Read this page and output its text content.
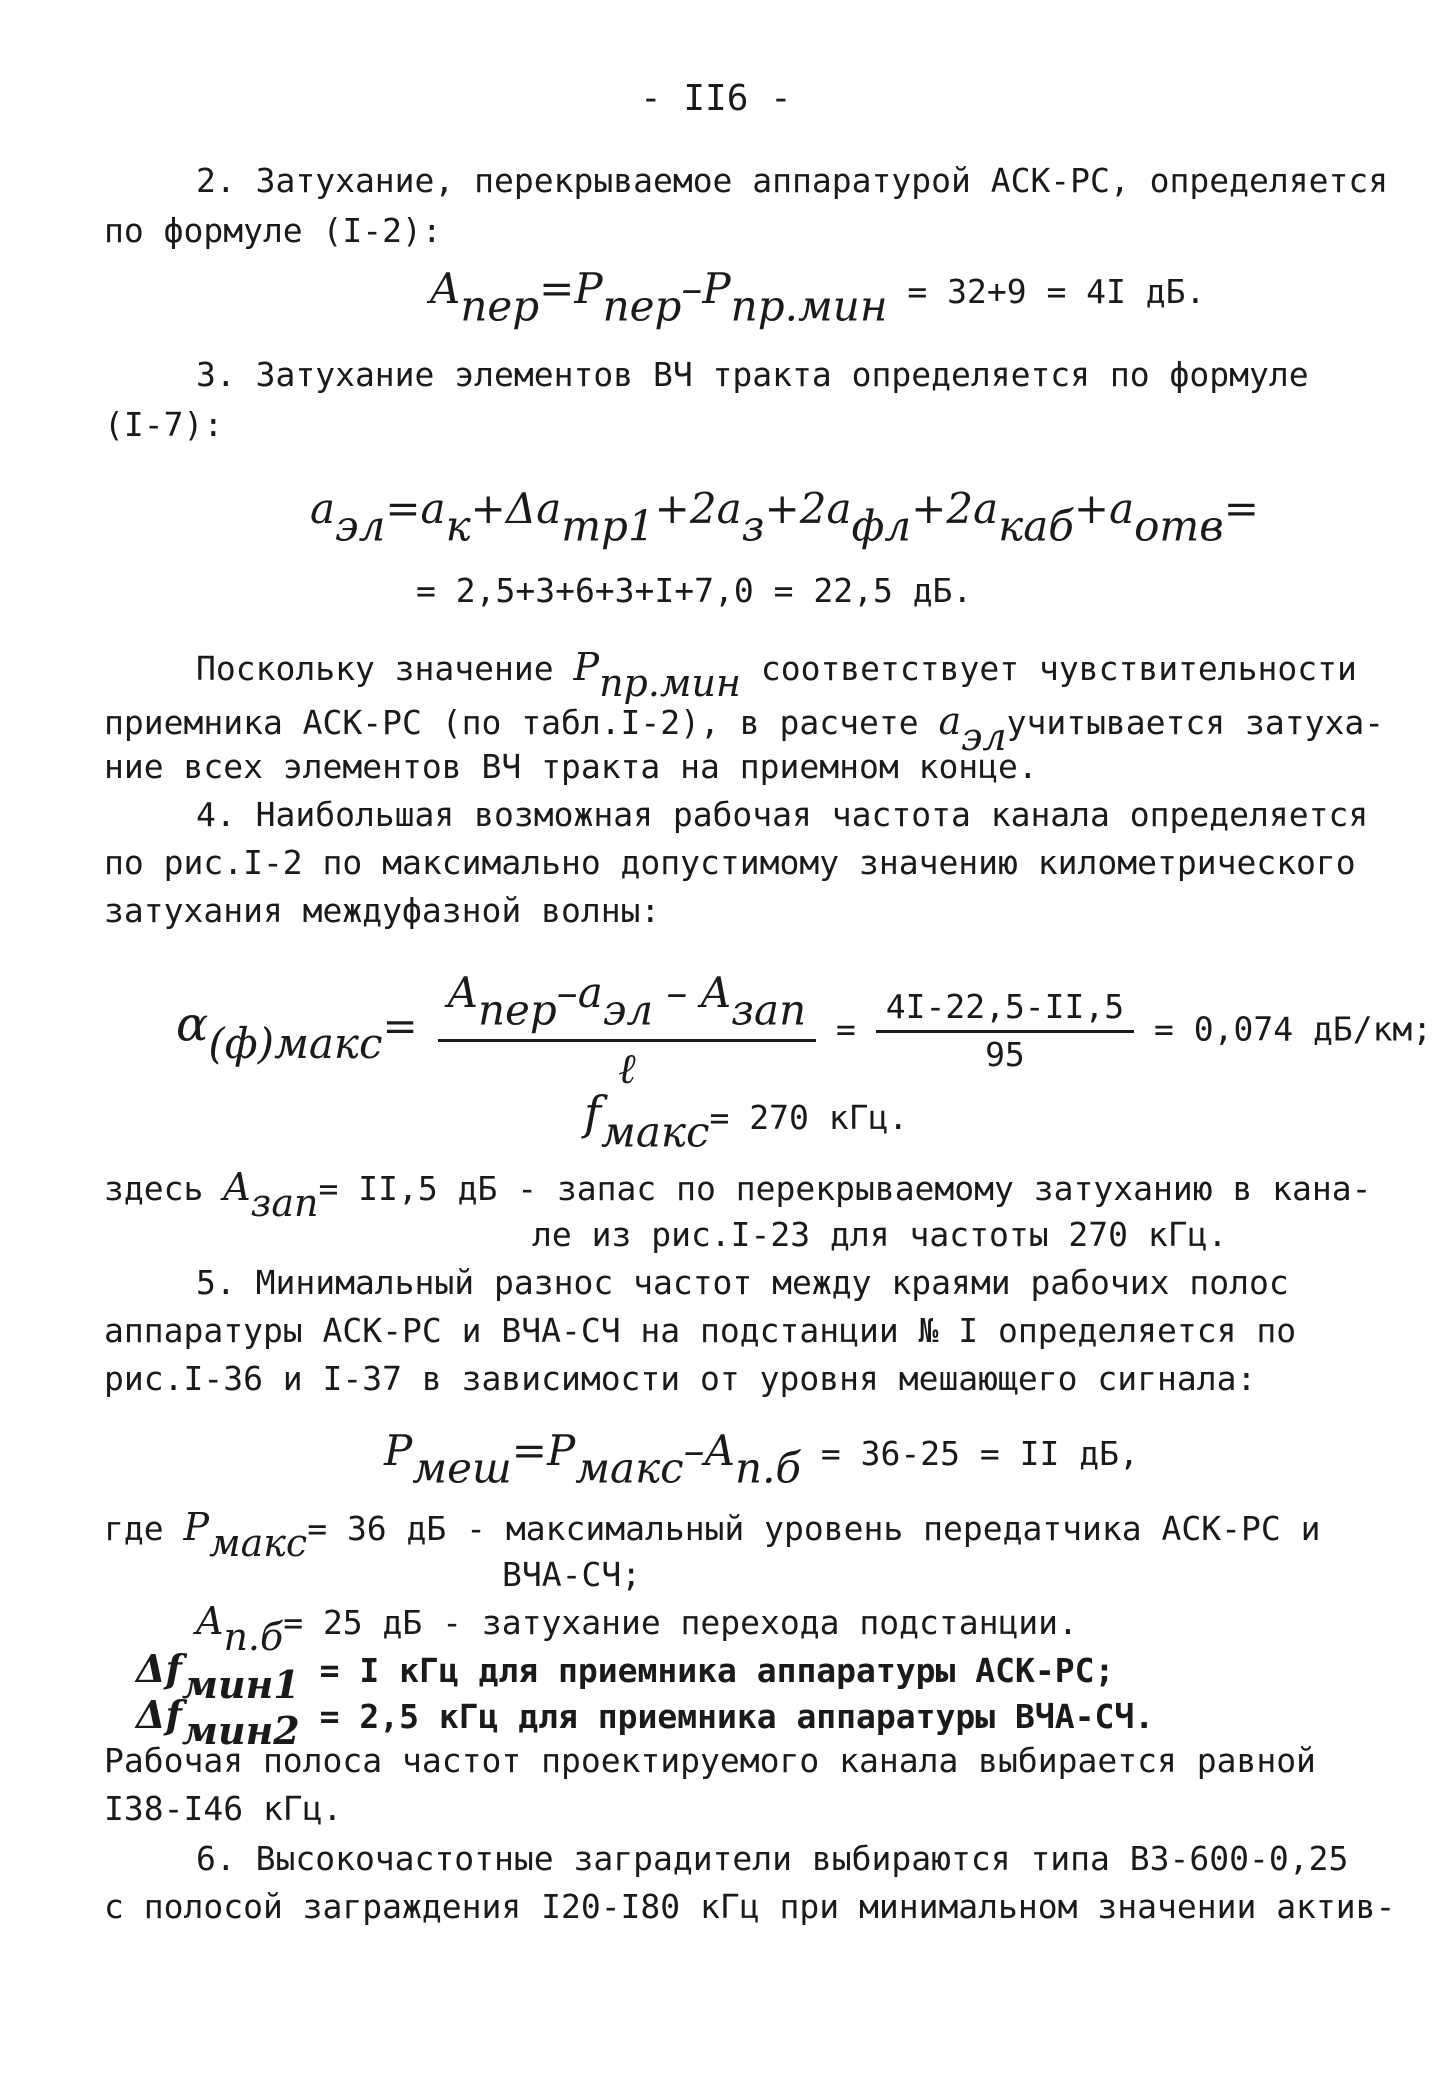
- II6 -
2. Затухание, перекрываемое аппаратурой АСК-РС, определяется
по формуле (I-2):
Aпер=Pпер–Pпр.мин = 32+9 = 4I дБ.
3. Затухание элементов ВЧ тракта определяется по формуле
(I-7):
aэл=aк+Δaтр1+2aз+2aфл+2aкаб+aотв=
= 2,5+3+6+3+I+7,0 = 22,5 дБ.
Поскольку значение Pпр.мин соответствует чувствительности
приемника АСК-РС (по табл.I-2), в расчете aэлучитывается затуха-
ние всех элементов ВЧ тракта на приемном конце.
4. Наибольшая возможная рабочая частота канала определяется
по рис.I-2 по максимально допустимому значению километрического
затухания междуфазной волны:
α(ф)макс= $\frac{\text{Aпер–aэл – Aзап}}{\text{ℓ}} = \frac{4I-22,5-II,5}{95} = 0,074$ дБ/км;
fмакс= 270 кГц.
здесь Aзап= II,5 дБ - запас по перекрываемому затуханию в кана-
ле из рис.I-23 для частоты 270 кГц.
5. Минимальный разнос частот между краями рабочих полос
аппаратуры АСК-РС и ВЧА-СЧ на подстанции № I определяется по
рис.I-36 и I-37 в зависимости от уровня мешающего сигнала:
Pмеш=Pмакс–Aп.б = 36-25 = II дБ,
где Pмакс= 36 дБ - максимальный уровень передатчика АСК-РС и
ВЧА-СЧ;
Aп.б= 25 дБ - затухание перехода подстанции.
Δfмин1 = I кГц для приемника аппаратуры АСК-РС;
Δfмин2 = 2,5 кГц для приемника аппаратуры ВЧА-СЧ.
Рабочая полоса частот проектируемого канала выбирается равной
I38-I46 кГц.
6. Высокочастотные заградители выбираются типа ВЗ-600-0,25
с полосой заграждения I20-I80 кГц при минимальном значении актив-
